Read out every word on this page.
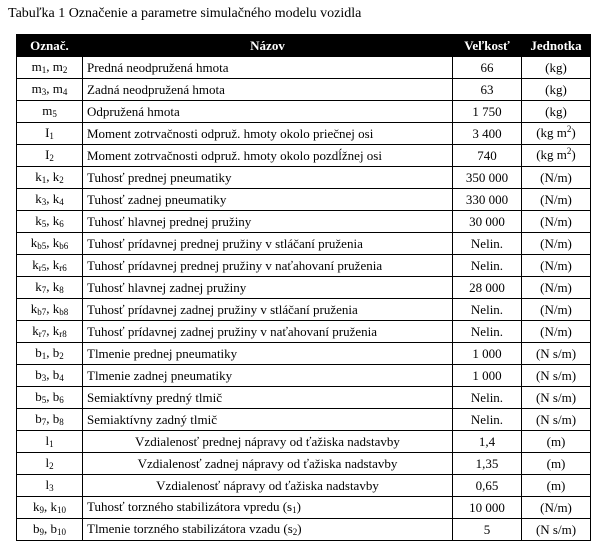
Tabuľka 1 Označenie a parametre simulačného modelu vozidla
Označ.	Názov	Veľkosť	Jednotka
$m_1$, $m_2$	Predná neodpružená hmota	66	(kg)
$m_3$, $m_4$	Zadná neodpružená hmota	63	(kg)
$m_5$	Odpružená hmota	1 750	(kg)
$I_1$	Moment zotrvačnosti odpruž. hmoty okolo priečnej osi	3 400	(kg $m^2$)
$I_2$	Moment zotrvačnosti odpruž. hmoty okolo pozdĺžnej osi	740	(kg $m^2$)
$k_1$, $k_2$	Tuhosť prednej pneumatiky	350 000	(N/m)
$k_3$, $k_4$	Tuhosť zadnej pneumatiky	330 000	(N/m)
$k_5$, $k_6$	Tuhosť hlavnej prednej pružiny	30 000	(N/m)
$k_{b5}$, $k_{b6}$	Tuhosť prídavnej prednej pružiny v stláčaní pruženia	Nelin.	(N/m)
$k_{r5}$, $k_{r6}$	Tuhosť prídavnej prednej pružiny v naťahovaní pruženia	Nelin.	(N/m)
$k_7$, $k_8$	Tuhosť hlavnej zadnej pružiny	28 000	(N/m)
$k_{b7}$, $k_{b8}$	Tuhosť prídavnej zadnej pružiny v stláčaní pruženia	Nelin.	(N/m)
$k_{r7}$, $k_{r8}$	Tuhosť prídavnej zadnej pružiny v naťahovaní pruženia	Nelin.	(N/m)
$b_1$, $b_2$	Tlmenie prednej pneumatiky	1 000	(N s/m)
$b_3$, $b_4$	Tlmenie zadnej pneumatiky	1 000	(N s/m)
$b_5$, $b_6$	Semiaktívny predný tlmič	Nelin.	(N s/m)
$b_7$, $b_8$	Semiaktívny zadný tlmič	Nelin.	(N s/m)
$l_1$	Vzdialenosť prednej nápravy od ťažiska nadstavby	1,4	(m)
$l_2$	Vzdialenosť zadnej nápravy od ťažiska nadstavby	1,35	(m)
$l_3$	Vzdialenosť nápravy od ťažiska nadstavby	0,65	(m)
$k_9$, $k_{10}$	Tuhosť torzného stabilizátora vpredu $(s_1)$	10 000	(N/m)
$b_9$, $b_{10}$	Tlmenie torzného stabilizátora vzadu $(s_2)$	5	(N s/m)
